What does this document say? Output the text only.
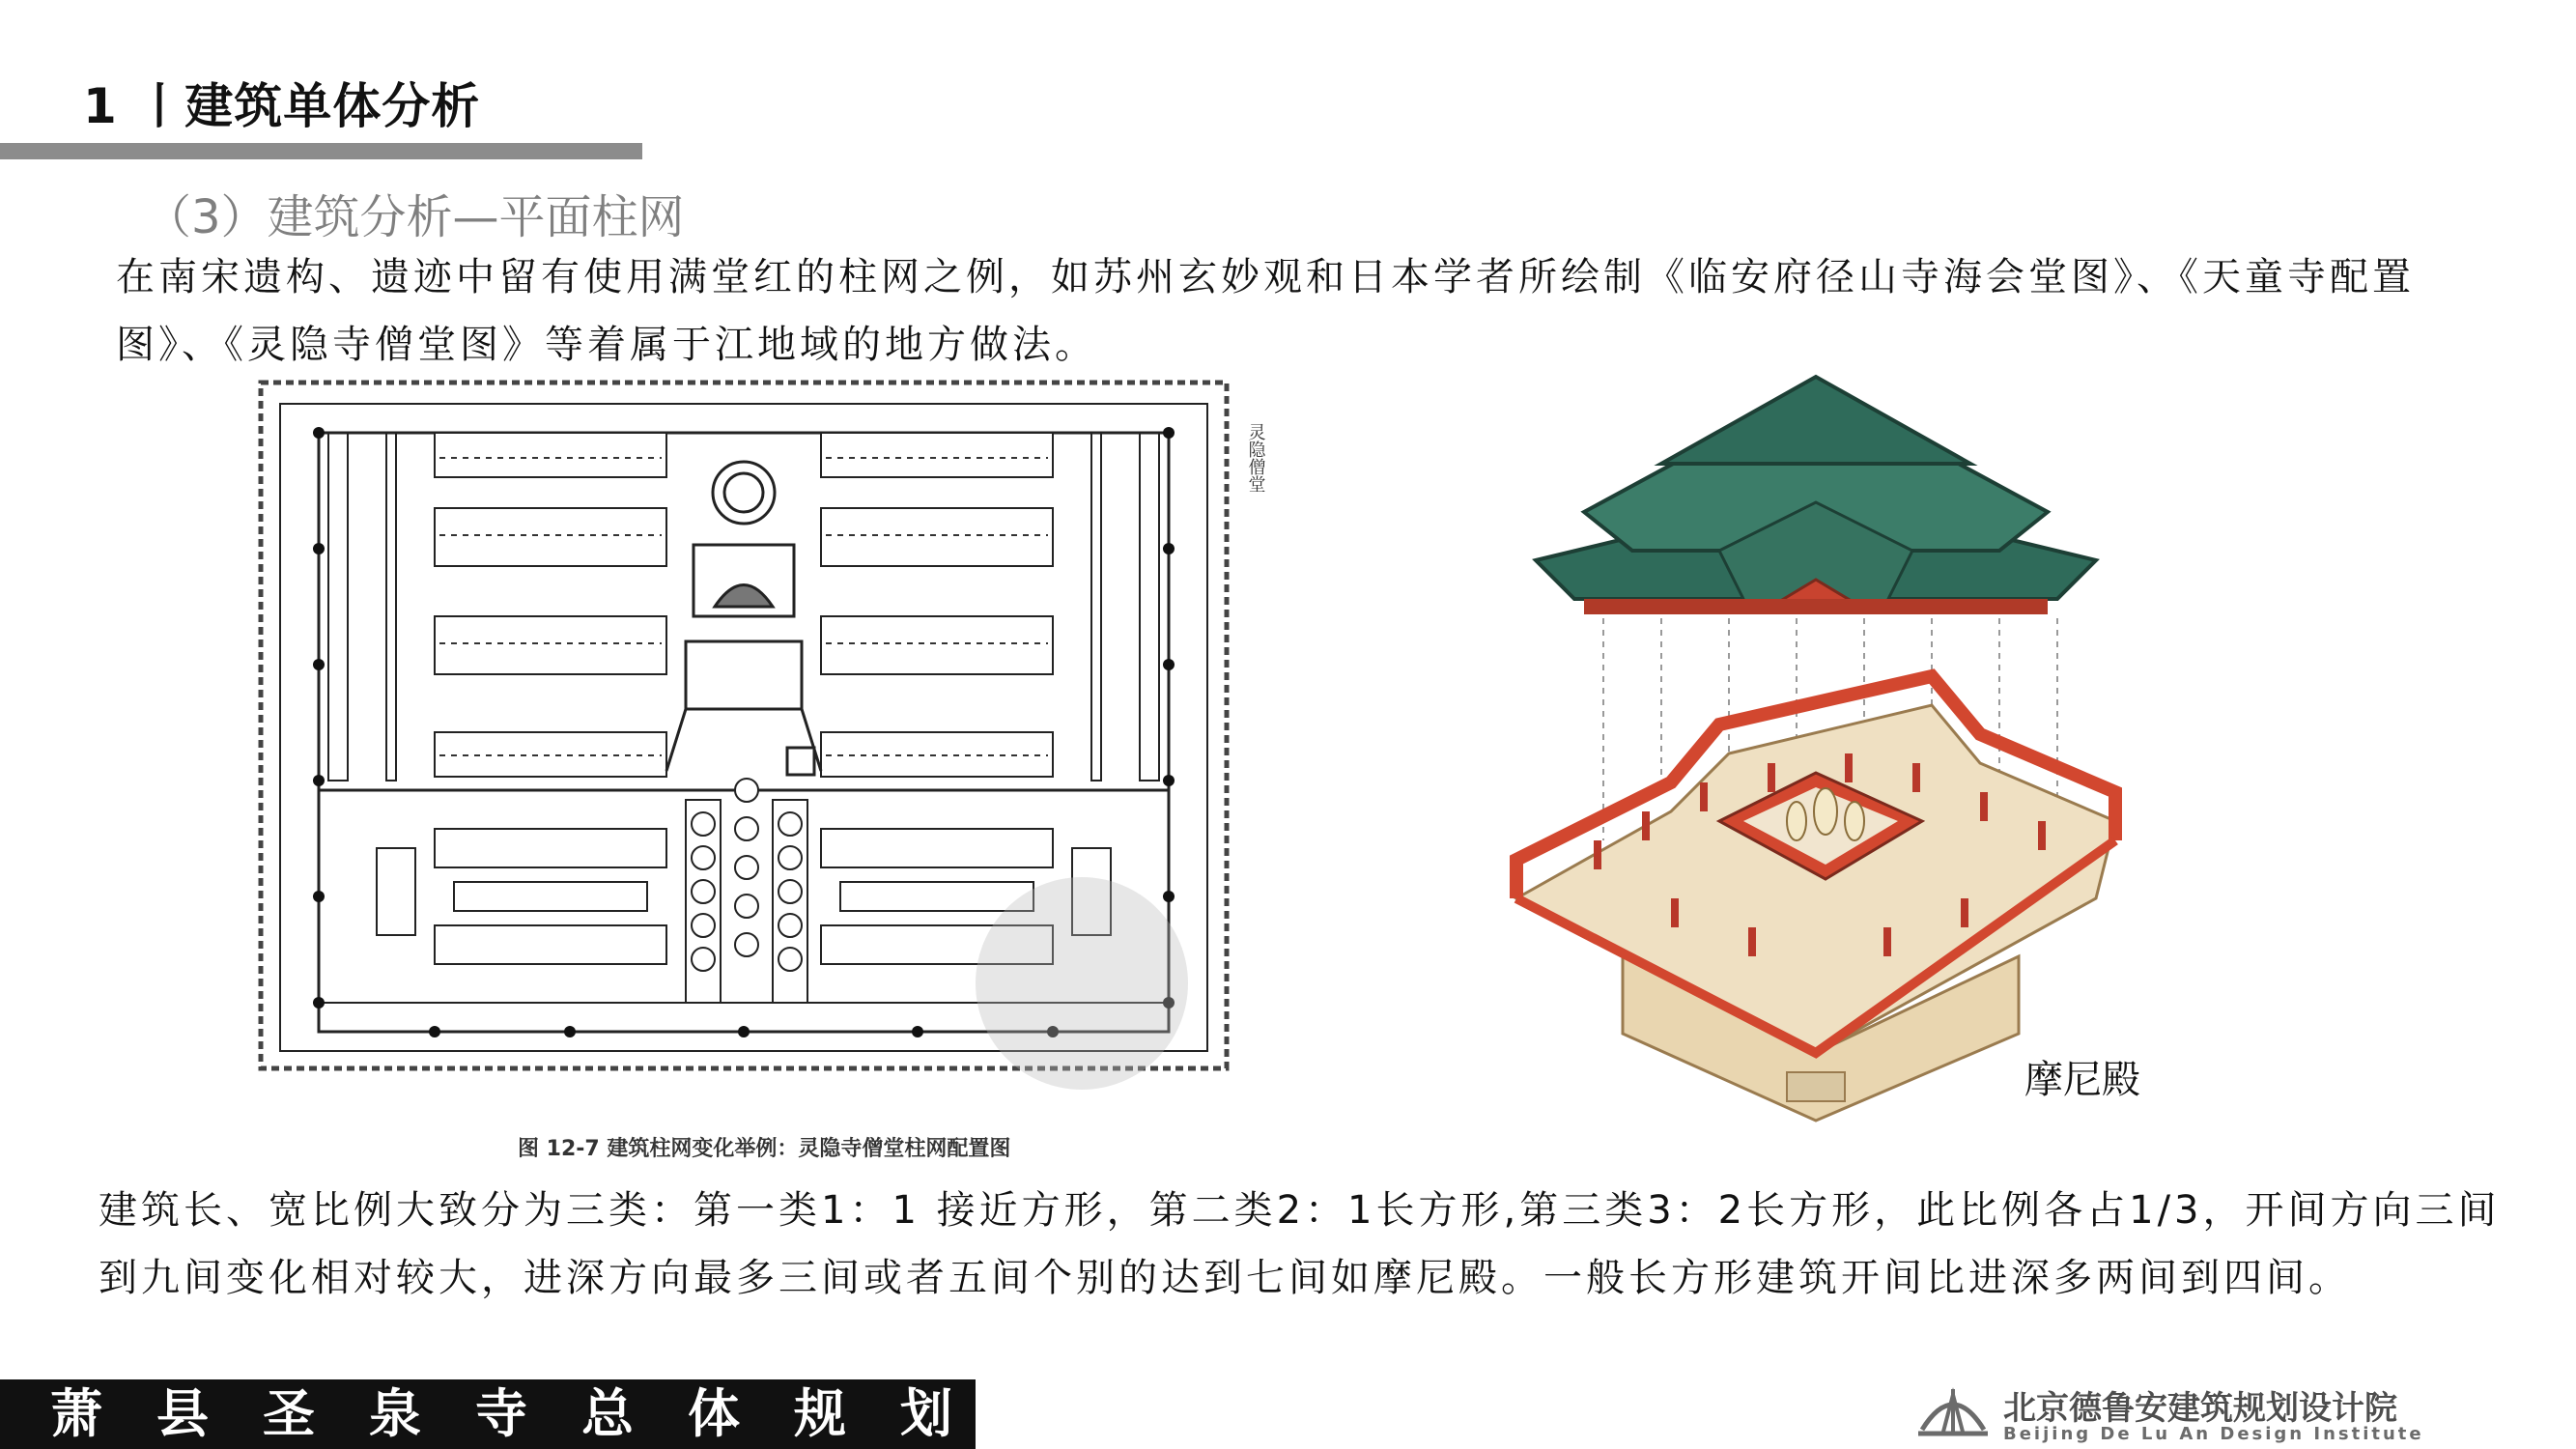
1 丨建筑单体分析
（3）建筑分析—平面柱网
在南宋遗构、遗迹中留有使用满堂红的柱网之例，如苏州玄妙观和日本学者所绘制《临安府径山寺海会堂图》、《天童寺配置图》、《灵隐寺僧堂图》等着属于江地域的地方做法。
灵隐僧堂
图 12-7 建筑柱网变化举例：灵隐寺僧堂柱网配置图
摩尼殿
建筑长、宽比例大致分为三类：第一类1：1 接近方形，第二类2：1长方形,第三类3：2长方形，此比例各占1/3，开间方向三间到九间变化相对较大，进深方向最多三间或者五间个别的达到七间如摩尼殿。一般长方形建筑开间比进深多两间到四间。
萧县圣泉寺总体规划	北京德鲁安建筑规划设计院
Beijing De Lu An Design Institute
